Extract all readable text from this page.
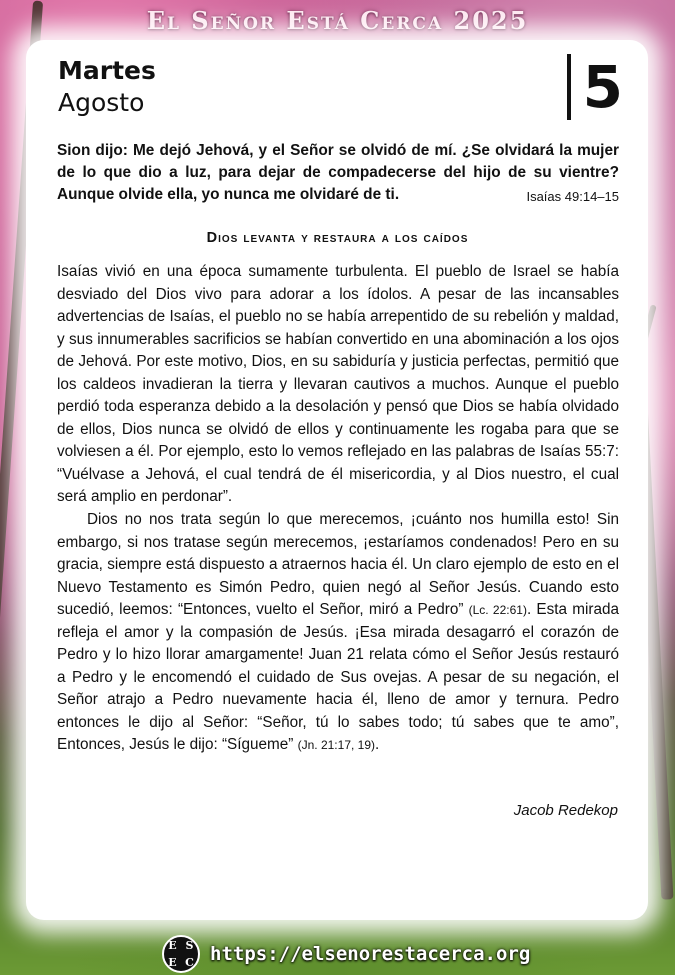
El Señor Está Cerca 2025
Martes
Agosto	5

Sion dijo: Me dejó Jehová, y el Señor se olvidó de mí. ¿Se olvidará la mujer de lo que dio a luz, para dejar de compadecerse del hijo de su vientre? Aunque olvide ella, yo nunca me olvidaré de ti.	Isaías 49:14–15

Dios levanta y restaura a los caídos

Isaías vivió en una época sumamente turbulenta. El pueblo de Israel se había desviado del Dios vivo para adorar a los ídolos. A pesar de las incansables advertencias de Isaías, el pueblo no se había arrepentido de su rebelión y maldad, y sus innumerables sacrificios se habían convertido en una abominación a los ojos de Jehová. Por este motivo, Dios, en su sabiduría y justicia perfectas, permitió que los caldeos invadieran la tierra y llevaran cautivos a muchos. Aunque el pueblo perdió toda esperanza debido a la desolación y pensó que Dios se había olvidado de ellos, Dios nunca se olvidó de ellos y continuamente les rogaba para que se volviesen a él. Por ejemplo, esto lo vemos reflejado en las palabras de Isaías 55:7: “Vuélvase a Jehová, el cual tendrá de él misericordia, y al Dios nuestro, el cual será amplio en perdonar”.

Dios no nos trata según lo que merecemos, ¡cuánto nos humilla esto! Sin embargo, si nos tratase según merecemos, ¡estaríamos condenados! Pero en su gracia, siempre está dispuesto a atraernos hacia él. Un claro ejemplo de esto en el Nuevo Testamento es Simón Pedro, quien negó al Señor Jesús. Cuando esto sucedió, leemos: “Entonces, vuelto el Señor, miró a Pedro” (Lc. 22:61). Esta mirada refleja el amor y la compasión de Jesús. ¡Esa mirada desagarró el corazón de Pedro y lo hizo llorar amargamente! Juan 21 relata cómo el Señor Jesús restauró a Pedro y le encomendó el cuidado de Sus ovejas. A pesar de su negación, el Señor atrajo a Pedro nuevamente hacia él, lleno de amor y ternura. Pedro entonces le dijo al Señor: “Señor, tú lo sabes todo; tú sabes que te amo”, Entonces, Jesús le dijo: “Sígueme” (Jn. 21:17, 19).

Jacob Redekop
E S
E C https://elsenorestacerca.org
